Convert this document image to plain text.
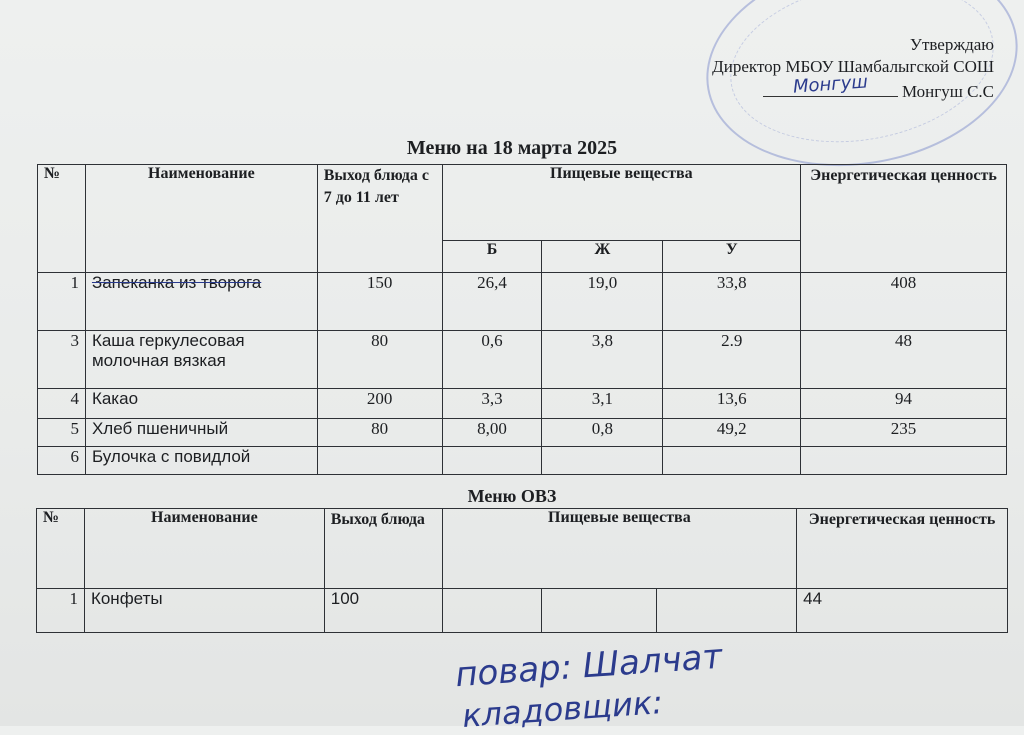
Утверждаю
Директор МБОУ Шамбалыгской СОШ
Монгуш Монгуш С.С
Меню на 18 марта 2025
№	Наименование	Выход блюда с 7 до 11 лет	Пищевые вещества			Энергетическая ценность
			Б	Ж	У	
1	Запеканка из творога	150	26,4	19,0	33,8	408
3	Каша геркулесовая молочная вязкая	80	0,6	3,8	2.9	48
4	Какао	200	3,3	3,1	13,6	94
5	Хлеб пшеничный	80	8,00	0,8	49,2	235
6	Булочка с повидлой					
Меню ОВЗ
№	Наименование	Выход блюда	Пищевые вещества			Энергетическая ценность
1	Конфеты	100				44
повар: Шалчат
кладовщик:
